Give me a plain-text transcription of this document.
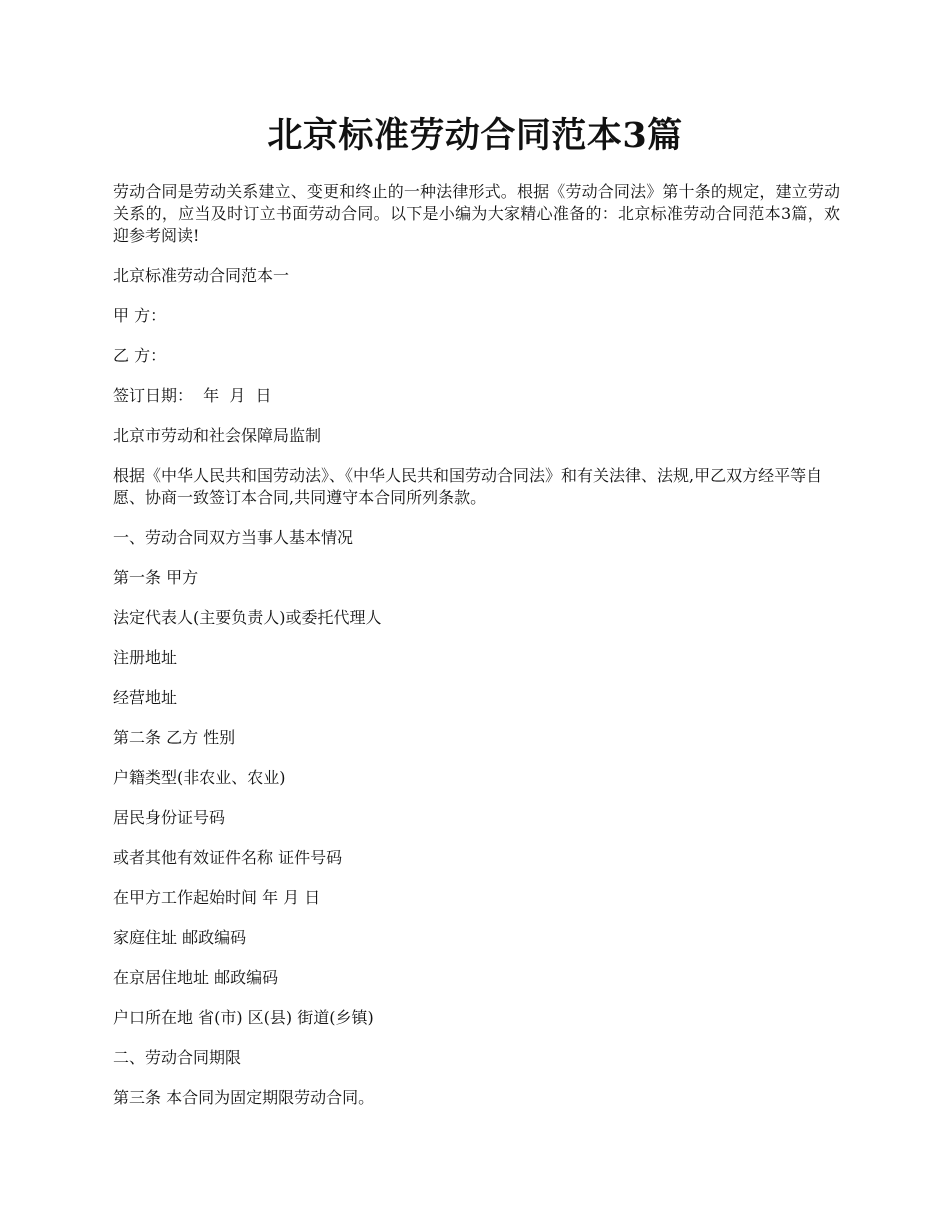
北京标准劳动合同范本3篇

劳动合同是劳动关系建立、变更和终止的一种法律形式。根据《劳动合同法》第十条的规定，建立劳动关系的，应当及时订立书面劳动合同。以下是小编为大家精心准备的：北京标准劳动合同范本3篇，欢迎参考阅读!

北京标准劳动合同范本一

甲 方：

乙 方：

签订日期：  年  月  日

北京市劳动和社会保障局监制

根据《中华人民共和国劳动法》、《中华人民共和国劳动合同法》和有关法律、法规,甲乙双方经平等自愿、协商一致签订本合同,共同遵守本合同所列条款。

一、劳动合同双方当事人基本情况

第一条 甲方

法定代表人(主要负责人)或委托代理人

注册地址

经营地址

第二条 乙方 性别

户籍类型(非农业、农业)

居民身份证号码

或者其他有效证件名称 证件号码

在甲方工作起始时间 年 月 日

家庭住址 邮政编码

在京居住地址 邮政编码

户口所在地 省(市) 区(县) 街道(乡镇)

二、劳动合同期限

第三条 本合同为固定期限劳动合同。
